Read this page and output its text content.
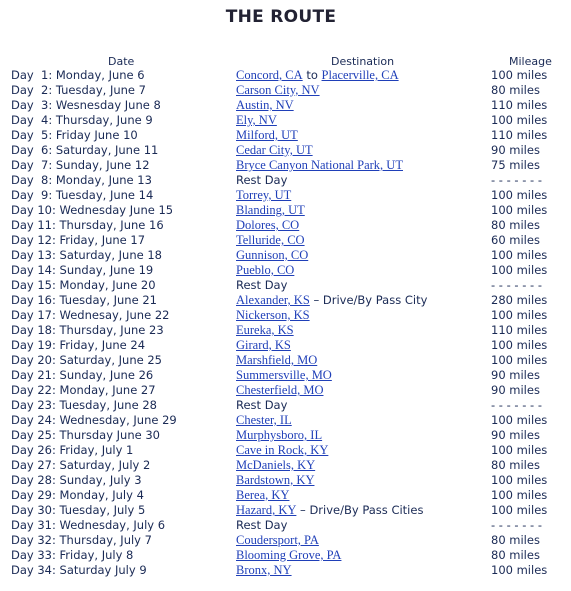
THE ROUTE
Date	Destination	Mileage
Day  1: Monday, June 6	Concord, CA to Placerville, CA	100 miles
Day  2: Tuesday, June 7	Carson City, NV	80 miles
Day  3: Wesnesday June 8	Austin, NV	110 miles
Day  4: Thursday, June 9	Ely, NV	100 miles
Day  5: Friday June 10	Milford, UT	110 miles
Day  6: Saturday, June 11	Cedar City, UT	90 miles
Day  7: Sunday, June 12	Bryce Canyon National Park, UT	75 miles
Day  8: Monday, June 13	Rest Day	- - - - - - -
Day  9: Tuesday, June 14	Torrey, UT	100 miles
Day 10: Wednesday June 15	Blanding, UT	100 miles
Day 11: Thursday, June 16	Dolores, CO	80 miles
Day 12: Friday, June 17	Telluride, CO	60 miles
Day 13: Saturday, June 18	Gunnison, CO	100 miles
Day 14: Sunday, June 19	Pueblo, CO	100 miles
Day 15: Monday, June 20	Rest Day	- - - - - - -
Day 16: Tuesday, June 21	Alexander, KS – Drive/By Pass City	280 miles
Day 17: Wednesay, June 22	Nickerson, KS	100 miles
Day 18: Thursday, June 23	Eureka, KS	110 miles
Day 19: Friday, June 24	Girard, KS	100 miles
Day 20: Saturday, June 25	Marshfield, MO	100 miles
Day 21: Sunday, June 26	Summersville, MO	90 miles
Day 22: Monday, June 27	Chesterfield, MO	90 miles
Day 23: Tuesday, June 28	Rest Day	- - - - - - -
Day 24: Wednesday, June 29	Chester, IL	100 miles
Day 25: Thursday June 30	Murphysboro, IL	90 miles
Day 26: Friday, July 1	Cave in Rock, KY	100 miles
Day 27: Saturday, July 2	McDaniels, KY	80 miles
Day 28: Sunday, July 3	Bardstown, KY	100 miles
Day 29: Monday, July 4	Berea, KY	100 miles
Day 30: Tuesday, July 5	Hazard, KY – Drive/By Pass Cities	100 miles
Day 31: Wednesday, July 6	Rest Day	- - - - - - -
Day 32: Thursday, July 7	Coudersport, PA	80 miles
Day 33: Friday, July 8	Blooming Grove, PA	80 miles
Day 34: Saturday July 9	Bronx, NY	100 miles
